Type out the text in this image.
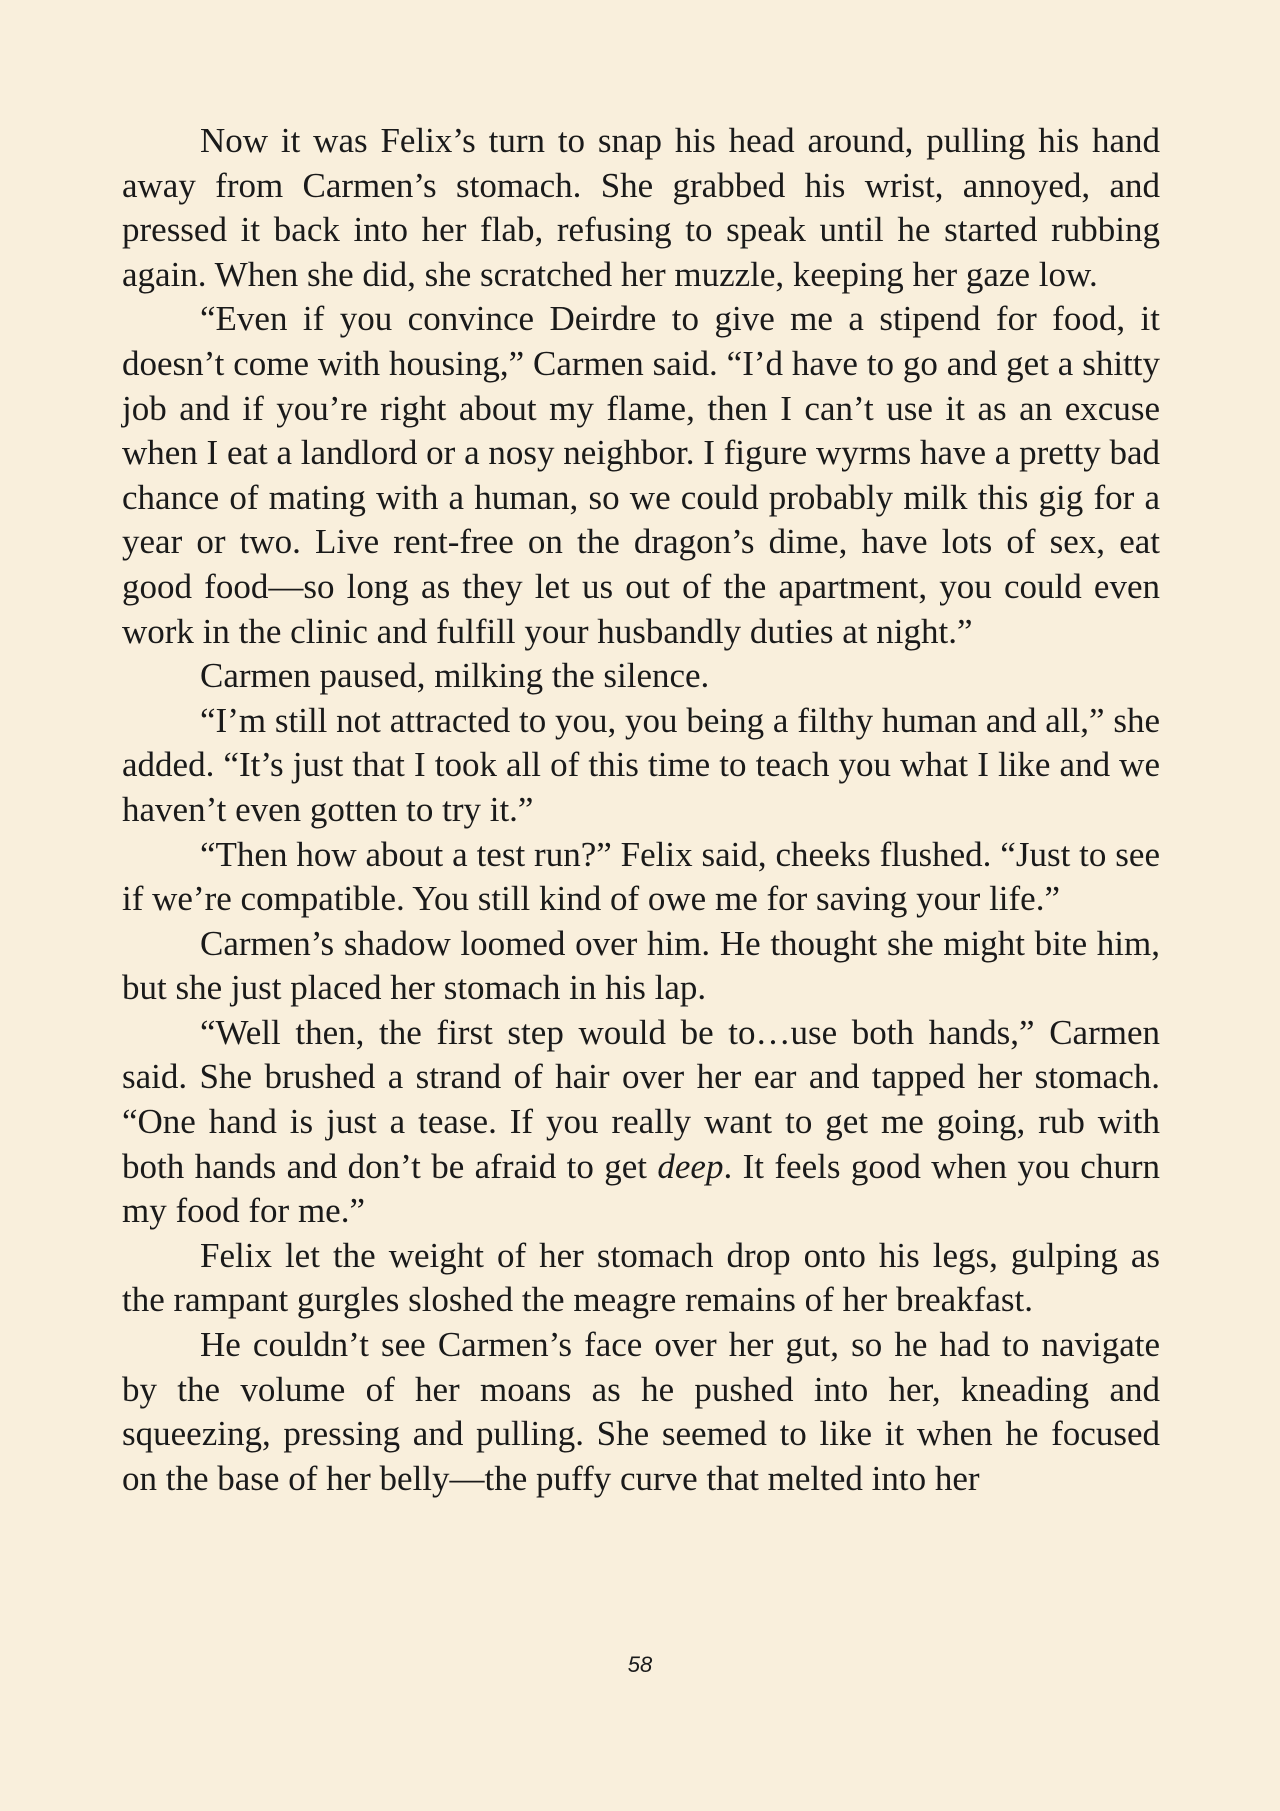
Now it was Felix’s turn to snap his head around, pulling his hand away from Carmen’s stomach. She grabbed his wrist, annoyed, and pressed it back into her flab, refusing to speak until he started rubbing again. When she did, she scratched her muzzle, keeping her gaze low.

“Even if you convince Deirdre to give me a stipend for food, it doesn’t come with housing,” Carmen said. “I’d have to go and get a shitty job and if you’re right about my flame, then I can’t use it as an excuse when I eat a landlord or a nosy neighbor. I figure wyrms have a pretty bad chance of mating with a human, so we could probably milk this gig for a year or two. Live rent-free on the dragon’s dime, have lots of sex, eat good food—so long as they let us out of the apartment, you could even work in the clinic and fulfill your husbandly duties at night.”

Carmen paused, milking the silence.

“I’m still not attracted to you, you being a filthy human and all,” she added. “It’s just that I took all of this time to teach you what I like and we haven’t even gotten to try it.”

“Then how about a test run?” Felix said, cheeks flushed. “Just to see if we’re compatible. You still kind of owe me for saving your life.”

Carmen’s shadow loomed over him. He thought she might bite him, but she just placed her stomach in his lap.

“Well then, the first step would be to…use both hands,” Carmen said. She brushed a strand of hair over her ear and tapped her stomach. “One hand is just a tease. If you really want to get me going, rub with both hands and don’t be afraid to get deep. It feels good when you churn my food for me.”

Felix let the weight of her stomach drop onto his legs, gulping as the rampant gurgles sloshed the meagre remains of her breakfast.

He couldn’t see Carmen’s face over her gut, so he had to navigate by the volume of her moans as he pushed into her, kneading and squeezing, pressing and pulling. She seemed to like it when he focused on the base of her belly—the puffy curve that melted into her

58
